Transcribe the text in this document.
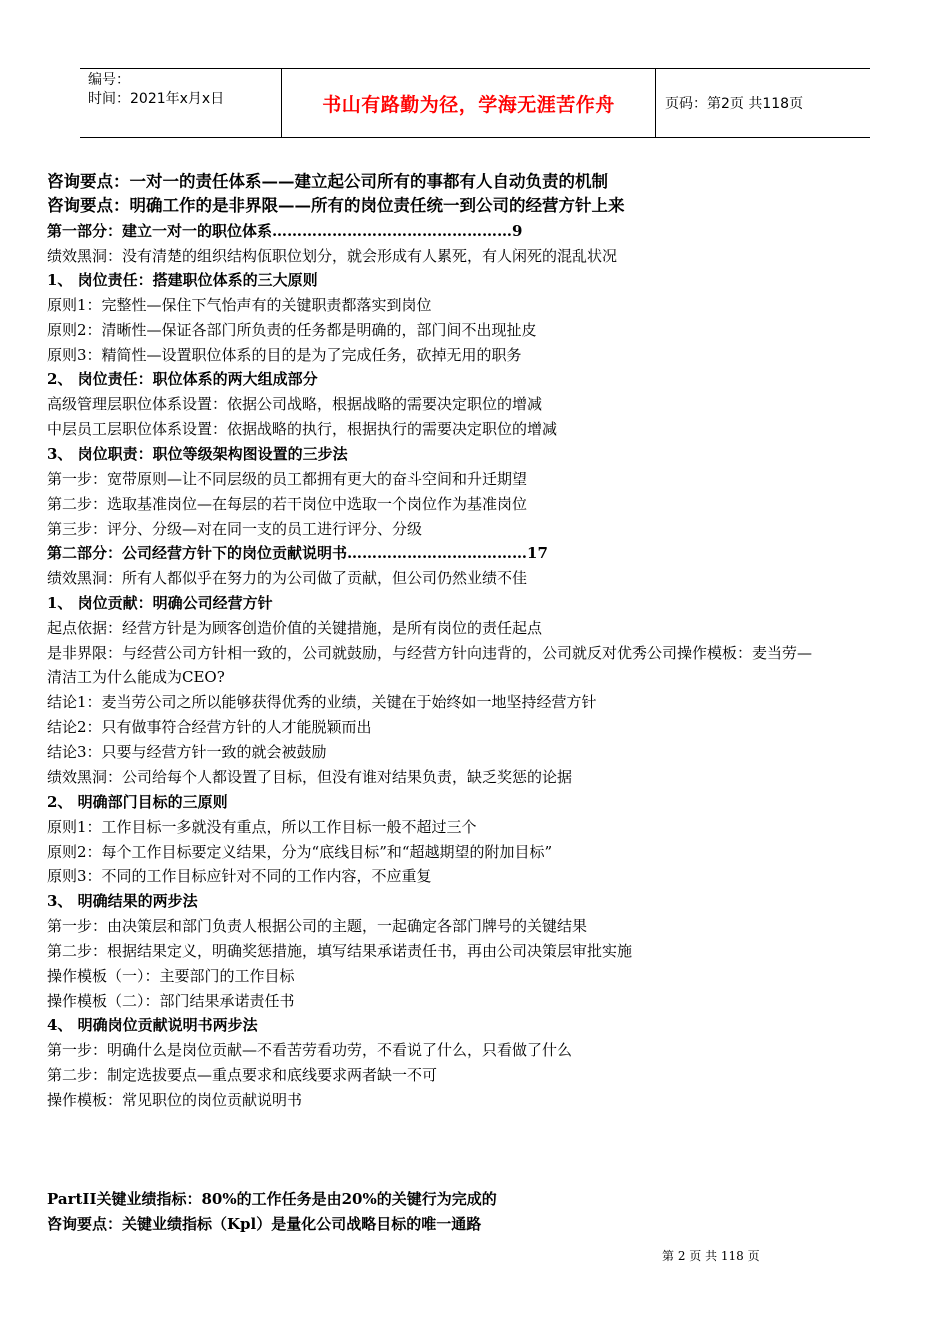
编号：
时间：2021年x月x日	书山有路勤为径，学海无涯苦作舟	页码：第2页 共118页
咨询要点：一对一的责任体系——建立起公司所有的事都有人自动负责的机制
咨询要点：明确工作的是非界限——所有的岗位责任统一到公司的经营方针上来
第一部分：建立一对一的职位体系…………………………………………9
绩效黑洞：没有清楚的组织结构佤职位划分，就会形成有人累死，有人闲死的混乱状况
1、 岗位责任：搭建职位体系的三大原则
原则1：完整性—保住下气怡声有的关键职责都落实到岗位
原则2：清晰性—保证各部门所负责的任务都是明确的，部门间不出现扯皮
原则3：精简性—设置职位体系的目的是为了完成任务，砍掉无用的职务
2、 岗位责任：职位体系的两大组成部分
高级管理层职位体系设置：依据公司战略，根据战略的需要决定职位的增减
中层员工层职位体系设置：依据战略的执行，根据执行的需要决定职位的增减
3、 岗位职责：职位等级架构图设置的三步法
第一步：宽带原则—让不同层级的员工都拥有更大的奋斗空间和升迁期望
第二步：选取基准岗位—在每层的若干岗位中选取一个岗位作为基准岗位
第三步：评分、分级—对在同一支的员工进行评分、分级
第二部分：公司经营方针下的岗位贡献说明书………………………………17
绩效黑洞：所有人都似乎在努力的为公司做了贡献，但公司仍然业绩不佳
1、 岗位贡献：明确公司经营方针
起点依据：经营方针是为顾客创造价值的关键措施，是所有岗位的责任起点
是非界限：与经营公司方针相一致的，公司就鼓励，与经营方针向违背的，公司就反对优秀公司操作模板：麦当劳—
清洁工为什么能成为CEO?
结论1：麦当劳公司之所以能够获得优秀的业绩，关键在于始终如一地坚持经营方针
结论2：只有做事符合经营方针的人才能脱颖而出
结论3：只要与经营方针一致的就会被鼓励
绩效黑洞：公司给每个人都设置了目标，但没有谁对结果负责，缺乏奖惩的论据
2、 明确部门目标的三原则
原则1：工作目标一多就没有重点，所以工作目标一般不超过三个
原则2：每个工作目标要定义结果，分为“底线目标”和“超越期望的附加目标”
原则3：不同的工作目标应针对不同的工作内容，不应重复
3、 明确结果的两步法
第一步：由决策层和部门负责人根据公司的主题，一起确定各部门牌号的关键结果
第二步：根据结果定义，明确奖惩措施，填写结果承诺责任书，再由公司决策层审批实施
操作模板（一）：主要部门的工作目标
操作模板（二）：部门结果承诺责任书
4、 明确岗位贡献说明书两步法
第一步：明确什么是岗位贡献—不看苦劳看功劳，不看说了什么，只看做了什么
第二步：制定选拔要点—重点要求和底线要求两者缺一不可
操作模板：常见职位的岗位贡献说明书
PartII关键业绩指标：80%的工作任务是由20%的关键行为完成的
咨询要点：关键业绩指标（Kpl）是量化公司战略目标的唯一通路
第 2 页 共 118 页
